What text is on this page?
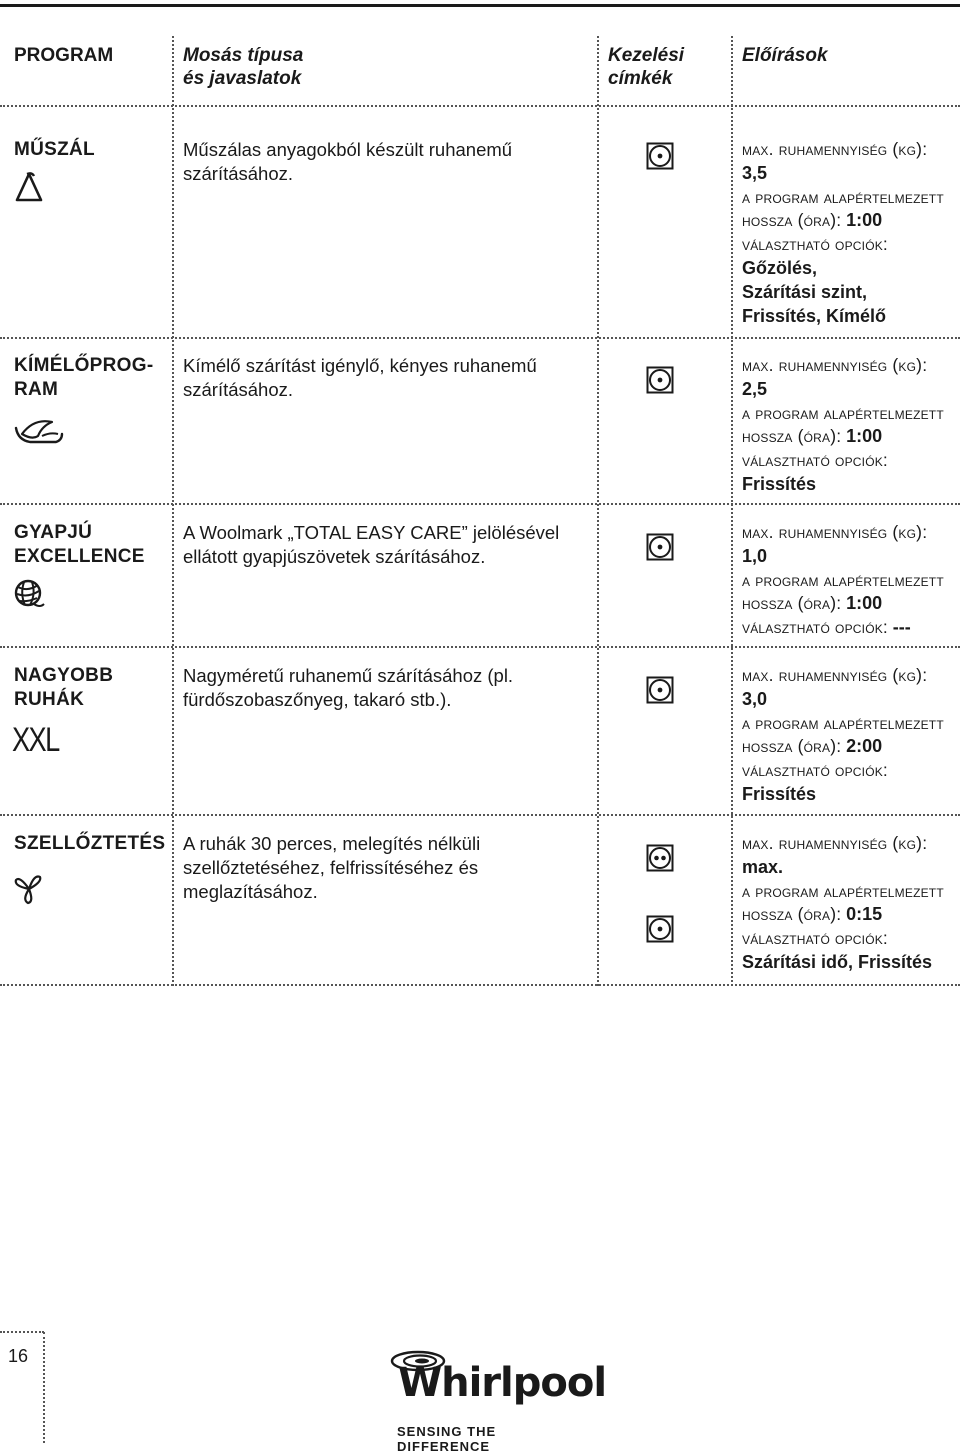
PROGRAM	Mosás típusa
és javaslatok
Kezelési
címkék
Előírások
MŰSZÁL	Műszálas anyagokból készült ruhanemű
szárításához.
max. ruhamennyiség (kg):
3,5
a program alapértelmezett
hossza (óra): 1:00
választható opciók:
Gőzölés,
Szárítási szint,
Frissítés, Kímélő
KÍMÉLŐPROG-
RAM
Kímélő szárítást igénylő, kényes ruhanemű
szárításához.
max. ruhamennyiség (kg):
2,5
a program alapértelmezett
hossza (óra): 1:00
választható opciók:
Frissítés
GYAPJÚ
EXCELLENCE
A Woolmark „TOTAL EASY CARE” jelölésével
ellátott gyapjúszövetek szárításához.
max. ruhamennyiség (kg):
1,0
a program alapértelmezett
hossza (óra): 1:00
választható opciók: ---
NAGYOBB
RUHÁK
XXL
Nagyméretű ruhanemű szárításához (pl.
fürdőszobaszőnyeg, takaró stb.).
max. ruhamennyiség (kg):
3,0
a program alapértelmezett
hossza (óra): 2:00
választható opciók:
Frissítés
SZELLŐZTETÉS A ruhák 30 perces, melegítés nélküli
szellőztetéséhez, felfrissítéséhez és
meglazításához.
max. ruhamennyiség (kg):
max.
a program alapértelmezett
hossza (óra): 0:15
választható opciók:
Szárítási idő, Frissítés
16
Whirlpool
SENSING THE DIFFERENCE
